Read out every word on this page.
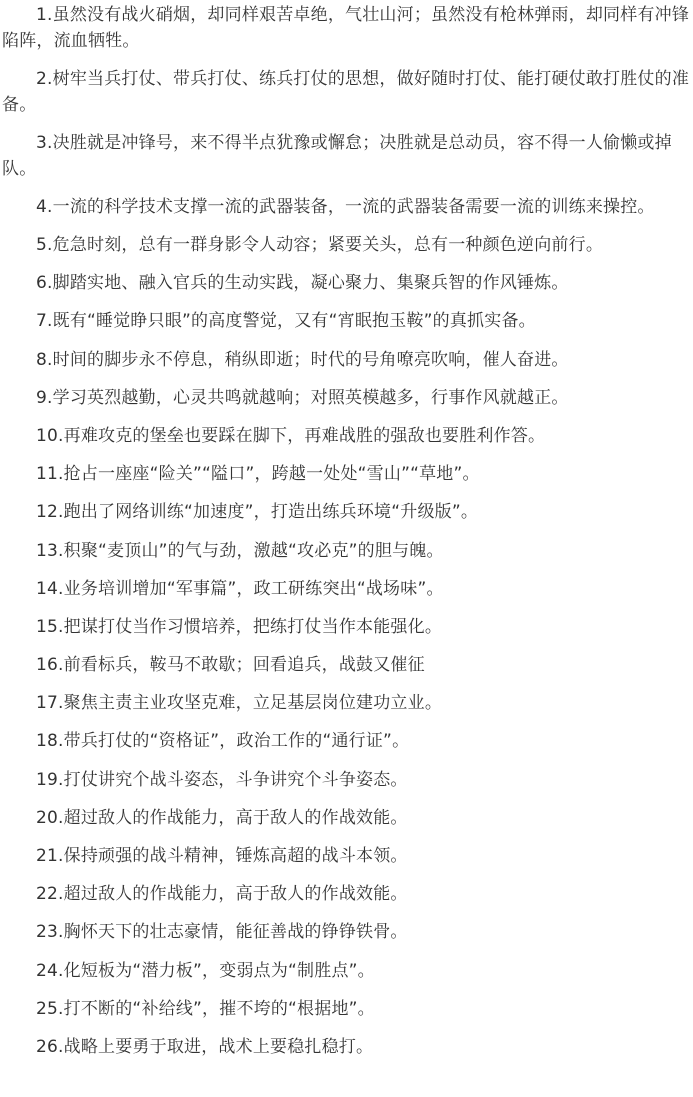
1.虽然没有战火硝烟，却同样艰苦卓绝，气壮山河；虽然没有枪林弹雨，却同样有冲锋陷阵，流血牺牲。

2.树牢当兵打仗、带兵打仗、练兵打仗的思想，做好随时打仗、能打硬仗敢打胜仗的准备。

3.决胜就是冲锋号，来不得半点犹豫或懈怠；决胜就是总动员，容不得一人偷懒或掉队。

4.一流的科学技术支撑一流的武器装备，一流的武器装备需要一流的训练来操控。

5.危急时刻，总有一群身影令人动容；紧要关头，总有一种颜色逆向前行。

6.脚踏实地、融入官兵的生动实践，凝心聚力、集聚兵智的作风锤炼。

7.既有“睡觉睁只眼”的高度警觉，又有“宵眠抱玉鞍”的真抓实备。

8.时间的脚步永不停息，稍纵即逝；时代的号角嘹亮吹响，催人奋进。

9.学习英烈越勤，心灵共鸣就越响；对照英模越多，行事作风就越正。

10.再难攻克的堡垒也要踩在脚下，再难战胜的强敌也要胜利作答。

11.抢占一座座“险关”“隘口”，跨越一处处“雪山”“草地”。

12.跑出了网络训练“加速度”，打造出练兵环境“升级版”。

13.积聚“麦顶山”的气与劲，激越“攻必克”的胆与魄。

14.业务培训增加“军事篇”，政工研练突出“战场味”。

15.把谋打仗当作习惯培养，把练打仗当作本能强化。

16.前看标兵，鞍马不敢歇；回看追兵，战鼓又催征

17.聚焦主责主业攻坚克难，立足基层岗位建功立业。

18.带兵打仗的“资格证”，政治工作的“通行证”。

19.打仗讲究个战斗姿态，斗争讲究个斗争姿态。

20.超过敌人的作战能力，高于敌人的作战效能。

21.保持顽强的战斗精神，锤炼高超的战斗本领。

22.超过敌人的作战能力，高于敌人的作战效能。

23.胸怀天下的壮志豪情，能征善战的铮铮铁骨。

24.化短板为“潜力板”，变弱点为“制胜点”。

25.打不断的“补给线”，摧不垮的“根据地”。

26.战略上要勇于取进，战术上要稳扎稳打。
